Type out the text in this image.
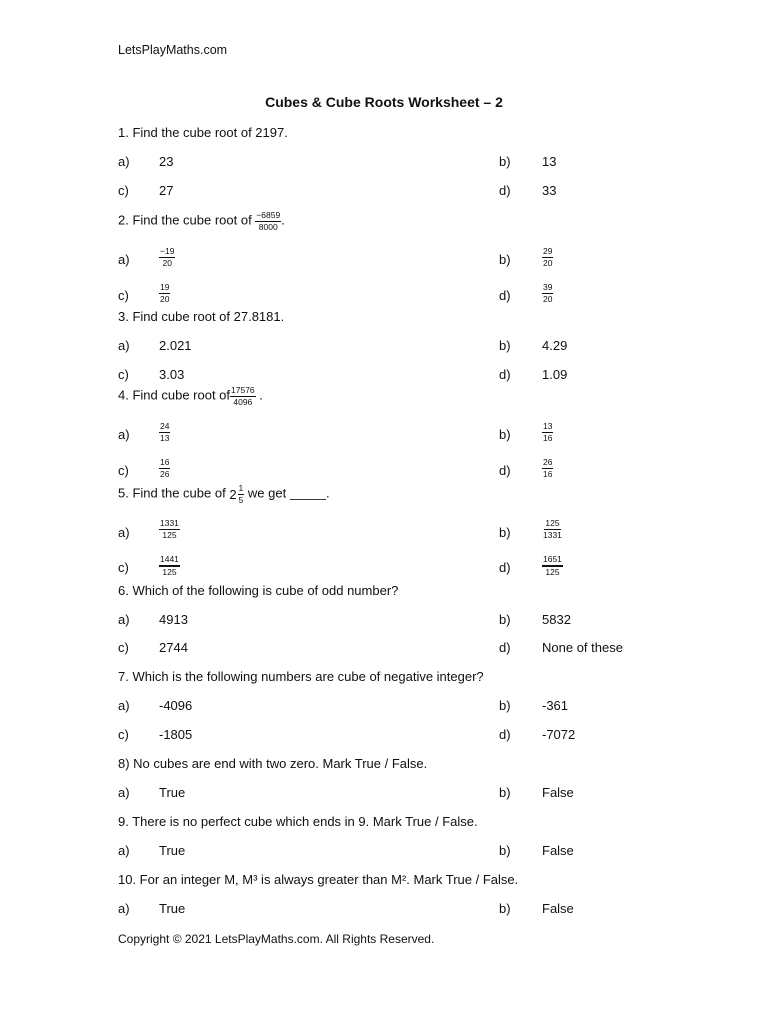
LetsPlayMaths.com
Cubes & Cube Roots Worksheet – 2
1. Find the cube root of 2197.
a) 23	b) 13
c) 27	d) 33
2. Find the cube root of $\frac{-6859}{8000}$ .
a)	$\frac{-19}{20}$	b)	$\frac{29}{20}$
c)	$\frac{19}{20}$	d)	$\frac{39}{20}$
3. Find cube root of 27.8181.
a) 2.021	b) 4.29
c) 3.03	d) 1.09
4. Find cube root of $\frac{17576}{4096}$ .
a)	$\frac{24}{13}$	b)	$\frac{13}{16}$
c)	$\frac{16}{26}$	d)	$\frac{26}{16}$
5. Find the cube of $2 \frac{1}{5}$ we get _____.
a)	$\frac{1331}{125}$	b)	$\frac{125}{1331}$
c)	$\frac{1441}{125}$	d)	$\frac{1651}{125}$
6. Which of the following is cube of odd number?
a) 4913	b) 5832
c) 2744	d) None of these
7. Which is the following numbers are cube of negative integer?
a) -4096	b) -361
c) -1805	d) -7072
8) No cubes are end with two zero. Mark True / False.
a) True	b) False
9. There is no perfect cube which ends in 9. Mark True / False.
a) True	b) False
10. For an integer M, M³ is always greater than M². Mark True / False.
a) True	b) False
Copyright © 2021 LetsPlayMaths.com. All Rights Reserved.
